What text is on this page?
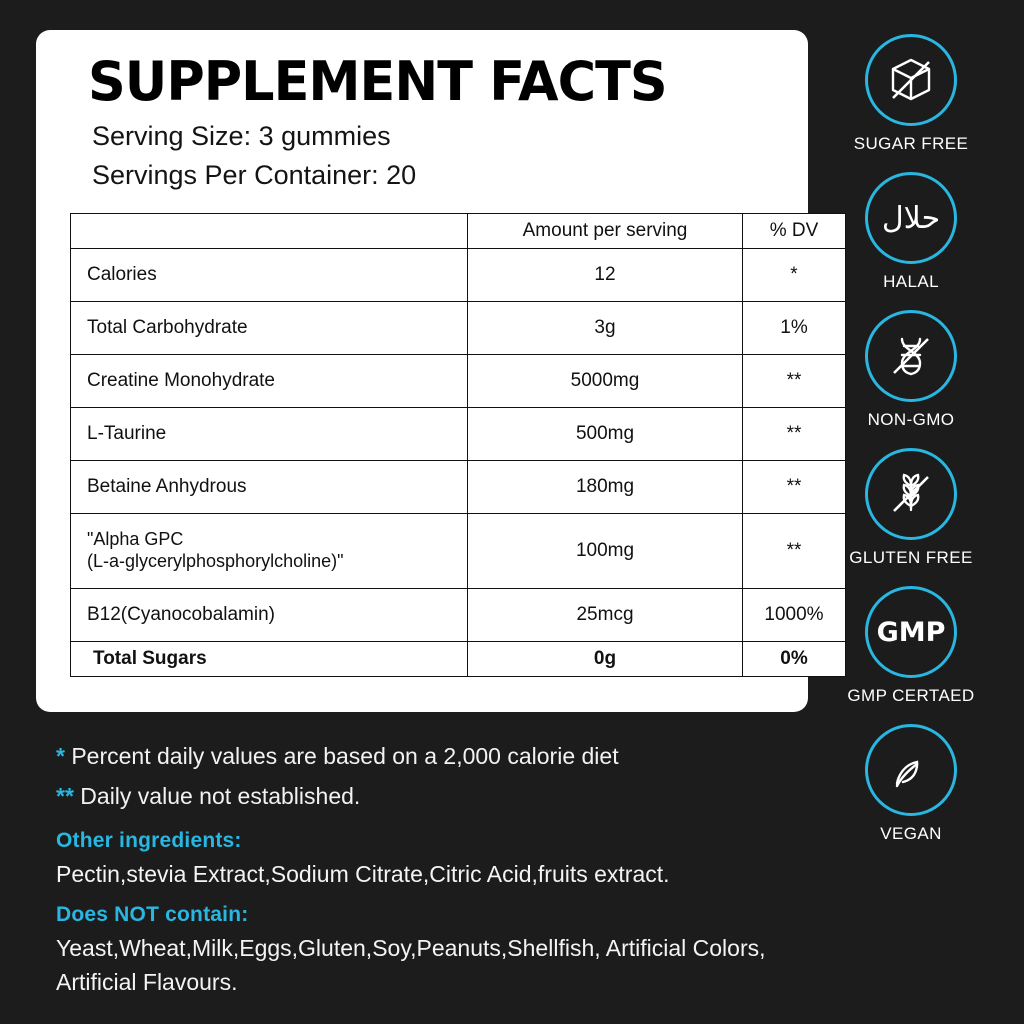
SUPPLEMENT FACTS
Serving Size: 3 gummies
Servings Per Container: 20
	Amount per serving	% DV
Calories	12	*
Total Carbohydrate	3g	1%
Creatine Monohydrate	5000mg	**
L-Taurine	500mg	**
Betaine Anhydrous	180mg	**

"Alpha GPC
(L-a-glycerylphosphorylcholine)"	100mg	**
B12(Cyanocobalamin)	25mcg	1000%
Total Sugars	0g	0%
* Percent daily values are based on a 2,000 calorie diet
** Daily value not established.
Other ingredients:
Pectin,stevia Extract,Sodium Citrate,Citric Acid,fruits extract.
Does NOT contain:
Yeast,Wheat,Milk,Eggs,Gluten,Soy,Peanuts,Shellfish, Artificial Colors, Artificial Flavours.
SUGAR FREE
حلال
HALAL
NON-GMO
GLUTEN FREE
GMP
GMP CERTAED
VEGAN
